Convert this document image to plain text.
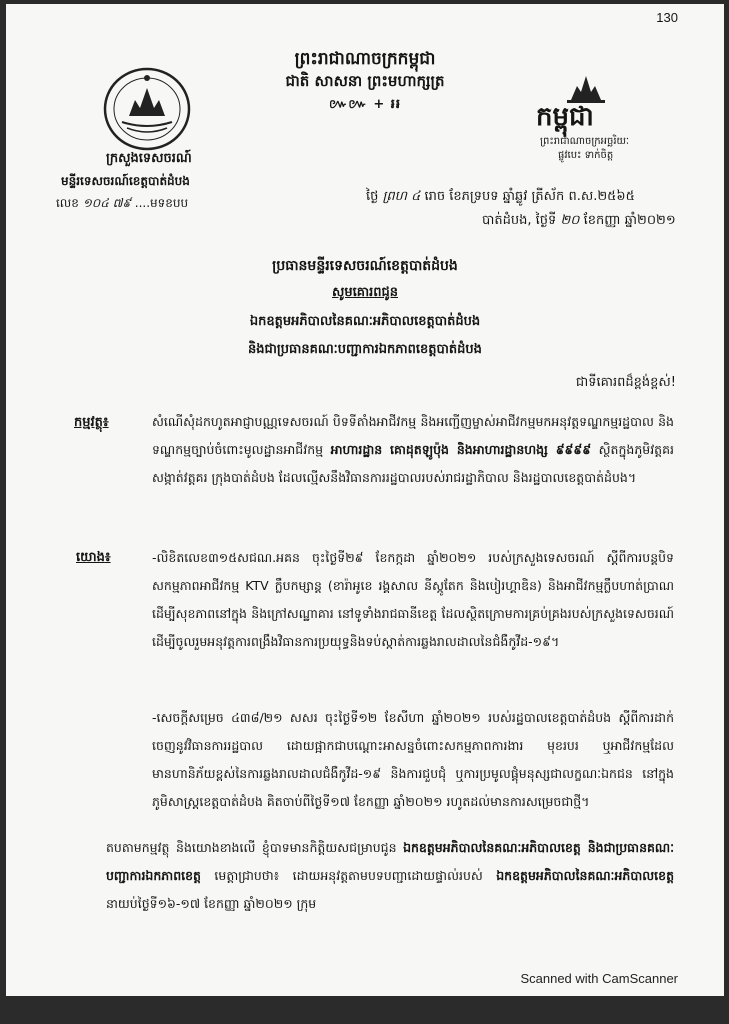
130
ព្រះរាជាណាចក្រកម្ពុជា
ជាតិ សាសនា ព្រះមហាក្សត្រ
៚៚ + ៛៛
ក្រសួងទេសចរណ៍
មន្ទីរទេសចរណ៍ខេត្តបាត់ដំបង
លេខ ១០៤ ៧៩ ....មទខបប
កម្ពុជា
ព្រះរាជាណាចក្រអច្ឆរិយៈ
ផ្លូវបេះ​ ទាក់ចិត្ត
ថ្ងៃ ព្រហ ៤ រោច ខែភទ្របទ ឆ្នាំឆ្លូវ ត្រីស័ក ព.ស.២៥៦៥
បាត់ដំបង, ថ្ងៃទី ២០ ខែកញ្ញា ឆ្នាំ២០២១
ប្រធានមន្ទីរទេសចរណ៍ខេត្តបាត់ដំបង
សូមគោរពជូន
ឯកឧត្តមអភិបាលនៃគណៈអភិបាលខេត្តបាត់ដំបង
និងជាប្រធានគណៈបញ្ជាការឯកភាពខេត្តបាត់ដំបង
ជាទីគោរពដ៏ខ្ពង់ខ្ពស់!
កម្មវត្ថុ៖	សំណើសុំដកហូតអាជ្ញាបណ្ណទេសចរណ៍ បិទទីតាំងអាជីវកម្ម និងអញ្ជើញម្ចាស់អាជីវកម្មមកអនុវត្តទណ្ឌកម្មរដ្ឋបាល និងទណ្ឌកម្មច្បាប់ចំពោះមូលដ្ឋានអាជីវកម្ម អាហារដ្ឋាន គោដុតឡូប៉ុង និងអាហារដ្ឋានហង្ស ៩៩៩៩ ស្ថិតក្នុងភូមិវត្តគរ សង្កាត់វត្តគរ ក្រុងបាត់ដំបង ដែលល្មើសនឹងវិធានការរដ្ឋបាលរបស់រាជរដ្ឋាភិបាល និងរដ្ឋបាលខេត្តបាត់ដំបង។
យោង៖	-លិខិតលេខ៣១៥សជណ.អគន ចុះថ្ងៃទី២៩ ខែកក្កដា ឆ្នាំ២០២១ របស់ក្រសួងទេសចរណ៍ ស្តីពីការបន្តបិទសកម្មភាពអាជីវកម្ម KTV ក្លឹបកម្សាន្ត (ខារ៉ាអូខេ រង្គសាល នីស្កូតែក និងបៀរហ្គាឌិន) និងអាជីវកម្មក្លឹបហាត់ប្រាណដើម្បីសុខភាពនៅក្នុង និងក្រៅសណ្ឋាគារ នៅទូទាំងរាជធានីខេត្ត ដែលស្ថិតក្រោមការគ្រប់គ្រងរបស់ក្រសួងទេសចរណ៍ ដើម្បីចូលរួមអនុវត្តការពង្រឹងវិធានការប្រយុទ្ធនិងទប់ស្កាត់ការឆ្លងរាលដាលនៃជំងឺកូវីដ-១៩។
-សេចក្តីសម្រេច ៤៣៨/២១ សសរ ចុះថ្ងៃទី១២ ខែសីហា ឆ្នាំ២០២១ របស់រដ្ឋបាលខេត្តបាត់ដំបង ស្តីពីការដាក់ចេញនូវវិធានការរដ្ឋបាល ដោយផ្អាកជាបណ្តោះអាសន្នចំពោះសកម្មភាពការងារ មុខរបរ ឬអាជីវកម្មដែលមានហានិភ័យខ្ពស់នៃការឆ្លងរាលដាលជំងឺកូវីដ-១៩ និងការជួបជុំ ឬការប្រមូលផ្តុំមនុស្សជាលក្ខណៈឯកជន នៅក្នុងភូមិសាស្ត្រខេត្តបាត់ដំបង គិតចាប់ពីថ្ងៃទី១៧ ខែកញ្ញា ឆ្នាំ២០២១ រហូតដល់មានការសម្រេចជាថ្មី។
តបតាមកម្មវត្ថុ និងយោងខាងលើ ខ្ញុំបាទមានកិត្តិយសជម្រាបជូន ឯកឧត្តមអភិបាលនៃគណៈអភិបាលខេត្ត និងជាប្រធានគណៈបញ្ជាការឯកភាពខេត្ត មេត្តាជ្រាបថា៖ ដោយអនុវត្តតាមបទបញ្ជាដោយផ្ទាល់របស់ ឯកឧត្តមអភិបាលនៃគណៈអភិបាលខេត្ត នាយប់ថ្ងៃទី១៦-១៧ ខែកញ្ញា ឆ្នាំ២០២១ ក្រុម
Scanned with CamScanner
